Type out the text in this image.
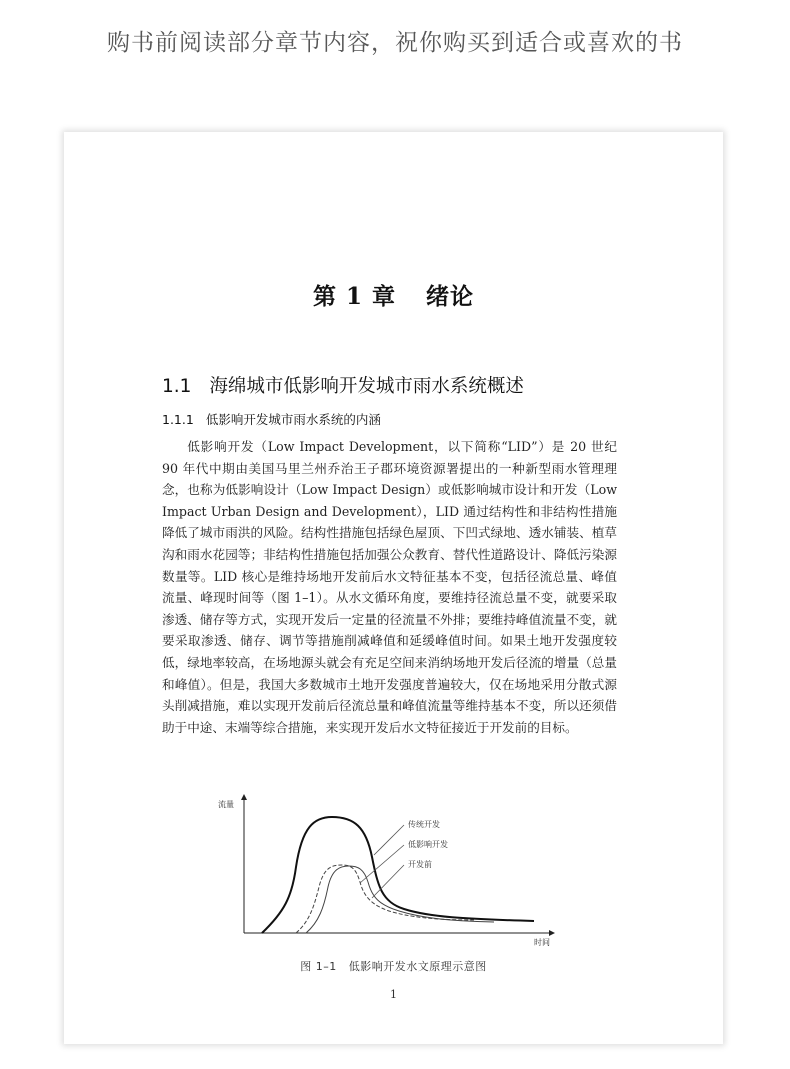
购书前阅读部分章节内容，祝你购买到适合或喜欢的书
第 1 章 绪论
1.1 海绵城市低影响开发城市雨水系统概述
1.1.1 低影响开发城市雨水系统的内涵

低影响开发（Low Impact Development，以下简称“LID”）是 20 世纪 90 年代中期由美国马里兰州乔治王子郡环境资源署提出的一种新型雨水管理理念，也称为低影响设计（Low Impact Design）或低影响城市设计和开发（Low Impact Urban Design and Development），LID 通过结构性和非结构性措施降低了城市雨洪的风险。结构性措施包括绿色屋顶、下凹式绿地、透水铺装、植草沟和雨水花园等；非结构性措施包括加强公众教育、替代性道路设计、降低污染源数量等。LID 核心是维持场地开发前后水文特征基本不变，包括径流总量、峰值流量、峰现时间等（图 1–1）。从水文循环角度，要维持径流总量不变，就要采取渗透、储存等方式，实现开发后一定量的径流量不外排；要维持峰值流量不变，就要采取渗透、储存、调节等措施削减峰值和延缓峰值时间。如果土地开发强度较低，绿地率较高，在场地源头就会有充足空间来消纳场地开发后径流的增量（总量和峰值）。但是，我国大多数城市土地开发强度普遍较大，仅在场地采用分散式源头削减措施，难以实现开发前后径流总量和峰值流量等维持基本不变，所以还须借助于中途、末端等综合措施，来实现开发后水文特征接近于开发前的目标。

流量
时间
传统开发
低影响开发
开发前
图 1–1 低影响开发水文原理示意图
1
